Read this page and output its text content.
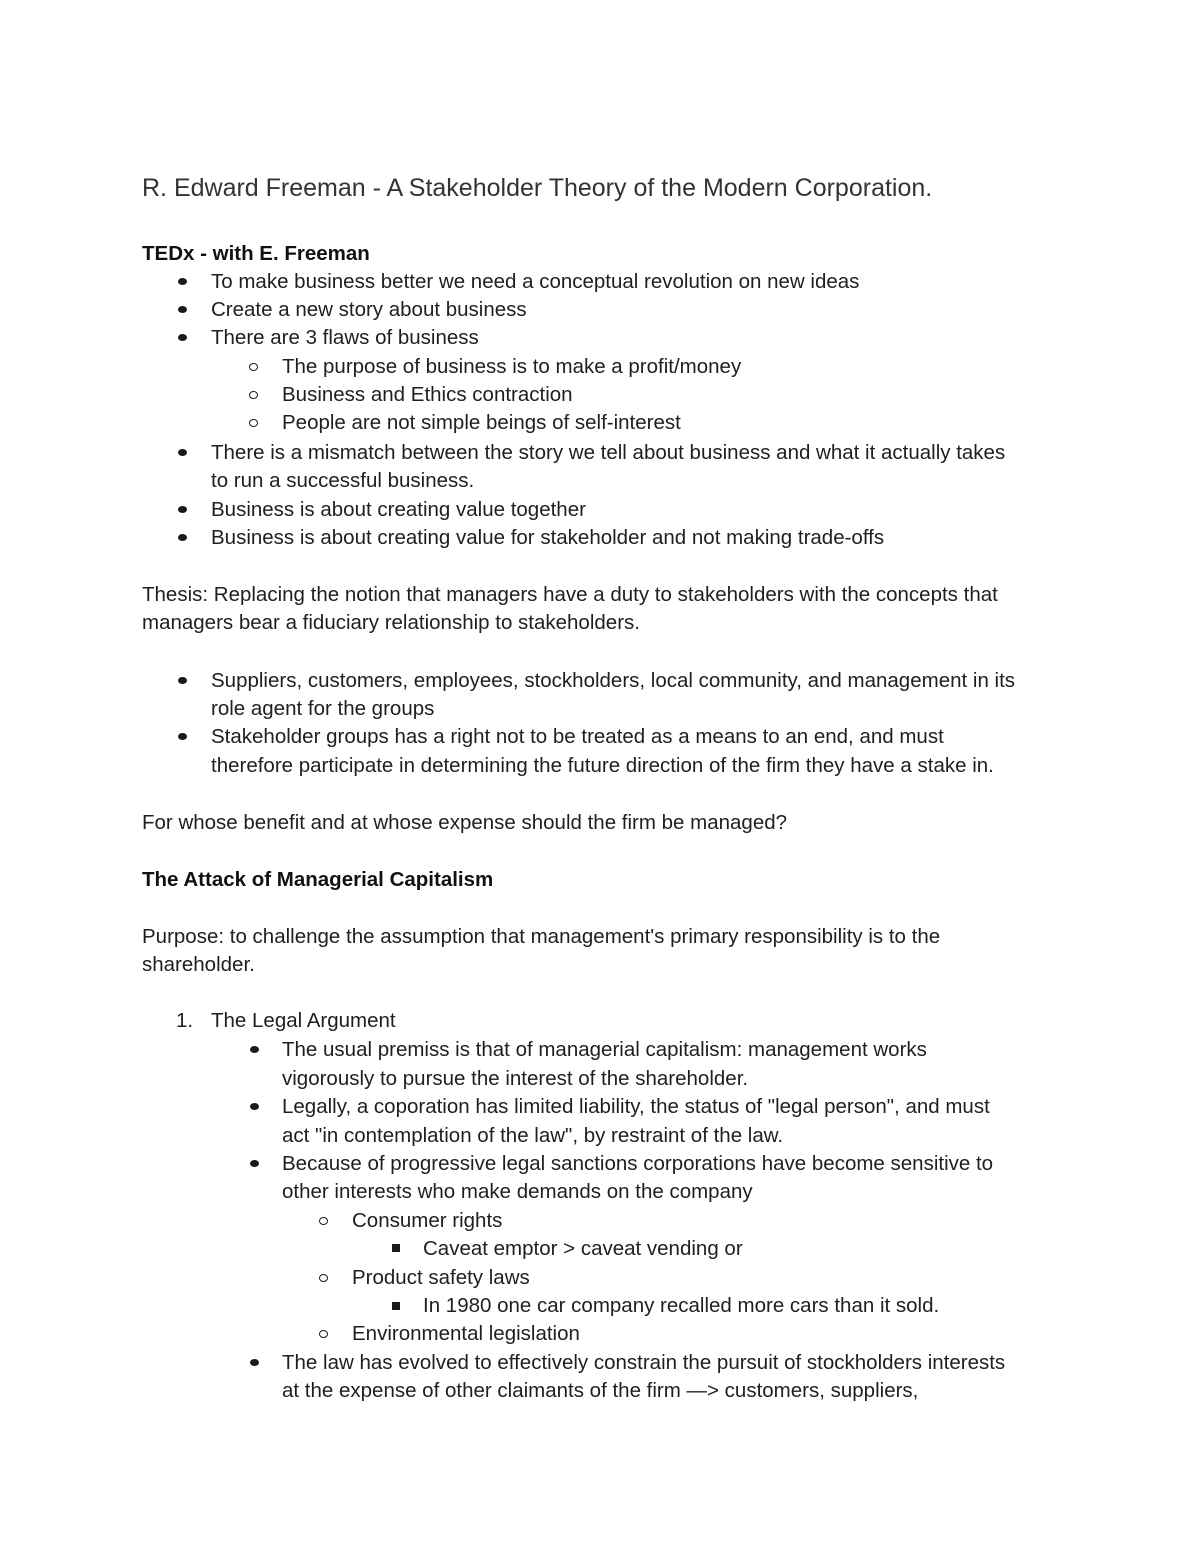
R. Edward Freeman - A Stakeholder Theory of the Modern Corporation.
TEDx - with E. Freeman
To make business better we need a conceptual revolution on new ideas
Create a new story about business
There are 3 flaws of business
The purpose of business is to make a profit/money
Business and Ethics contraction
People are not simple beings of self-interest
There is a mismatch between the story we tell about business and what it actually takes
to run a successful business.
Business is about creating value together
Business is about creating value for stakeholder and not making trade-offs
Thesis: Replacing the notion that managers have a duty to stakeholders with the concepts that
managers bear a fiduciary relationship to stakeholders.
Suppliers, customers, employees, stockholders, local community, and management in its
role agent for the groups
Stakeholder groups has a right not to be treated as a means to an end, and must
therefore participate in determining the future direction of the firm they have a stake in.
For whose benefit and at whose expense should the firm be managed?
The Attack of Managerial Capitalism
Purpose: to challenge the assumption that management's primary responsibility is to the
shareholder.
1. The Legal Argument
The usual premiss is that of managerial capitalism: management works
vigorously to pursue the interest of the shareholder.
Legally, a coporation has limited liability, the status of "legal person", and must
act "in contemplation of the law", by restraint of the law.
Because of progressive legal sanctions corporations have become sensitive to
other interests who make demands on the company
Consumer rights
Caveat emptor > caveat vending or
Product safety laws
In 1980 one car company recalled more cars than it sold.
Environmental legislation
The law has evolved to effectively constrain the pursuit of stockholders interests
at the expense of other claimants of the firm —> customers, suppliers,
